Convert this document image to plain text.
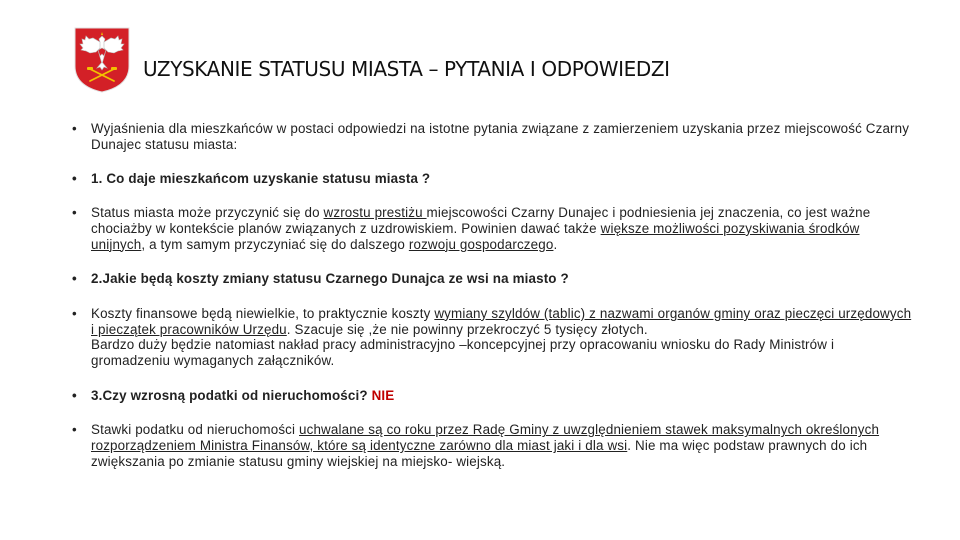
UZYSKANIE STATUSU MIASTA – PYTANIA I ODPOWIEDZI
• Wyjaśnienia dla mieszkańców w postaci odpowiedzi na istotne pytania związane z zamierzeniem uzyskania przez miejscowość Czarny Dunajec statusu miasta:
• 1. Co daje mieszkańcom uzyskanie statusu miasta ?
• Status miasta może przyczynić się do wzrostu prestiżu miejscowości Czarny Dunajec i podniesienia jej znaczenia, co jest ważne chociażby w kontekście planów związanych z uzdrowiskiem. Powinien dawać także większe możliwości pozyskiwania środków unijnych, a tym samym przyczyniać się do dalszego rozwoju gospodarczego.
• 2.Jakie będą koszty zmiany statusu Czarnego Dunajca ze wsi na miasto ?
• Koszty finansowe będą niewielkie, to praktycznie koszty wymiany szyldów (tablic) z nazwami organów gminy oraz pieczęci urzędowych i pieczątek pracowników Urzędu. Szacuje się ,że nie powinny przekroczyć 5 tysięcy złotych.
Bardzo duży będzie natomiast nakład pracy administracyjno –koncepcyjnej przy opracowaniu wniosku do Rady Ministrów i gromadzeniu wymaganych załączników.
• 3.Czy wzrosną podatki od nieruchomości? NIE
• Stawki podatku od nieruchomości uchwalane są co roku przez Radę Gminy z uwzględnieniem stawek maksymalnych określonych rozporządzeniem Ministra Finansów, które są identyczne zarówno dla miast jaki i dla wsi. Nie ma więc podstaw prawnych do ich zwiększania po zmianie statusu gminy wiejskiej na miejsko- wiejską.
